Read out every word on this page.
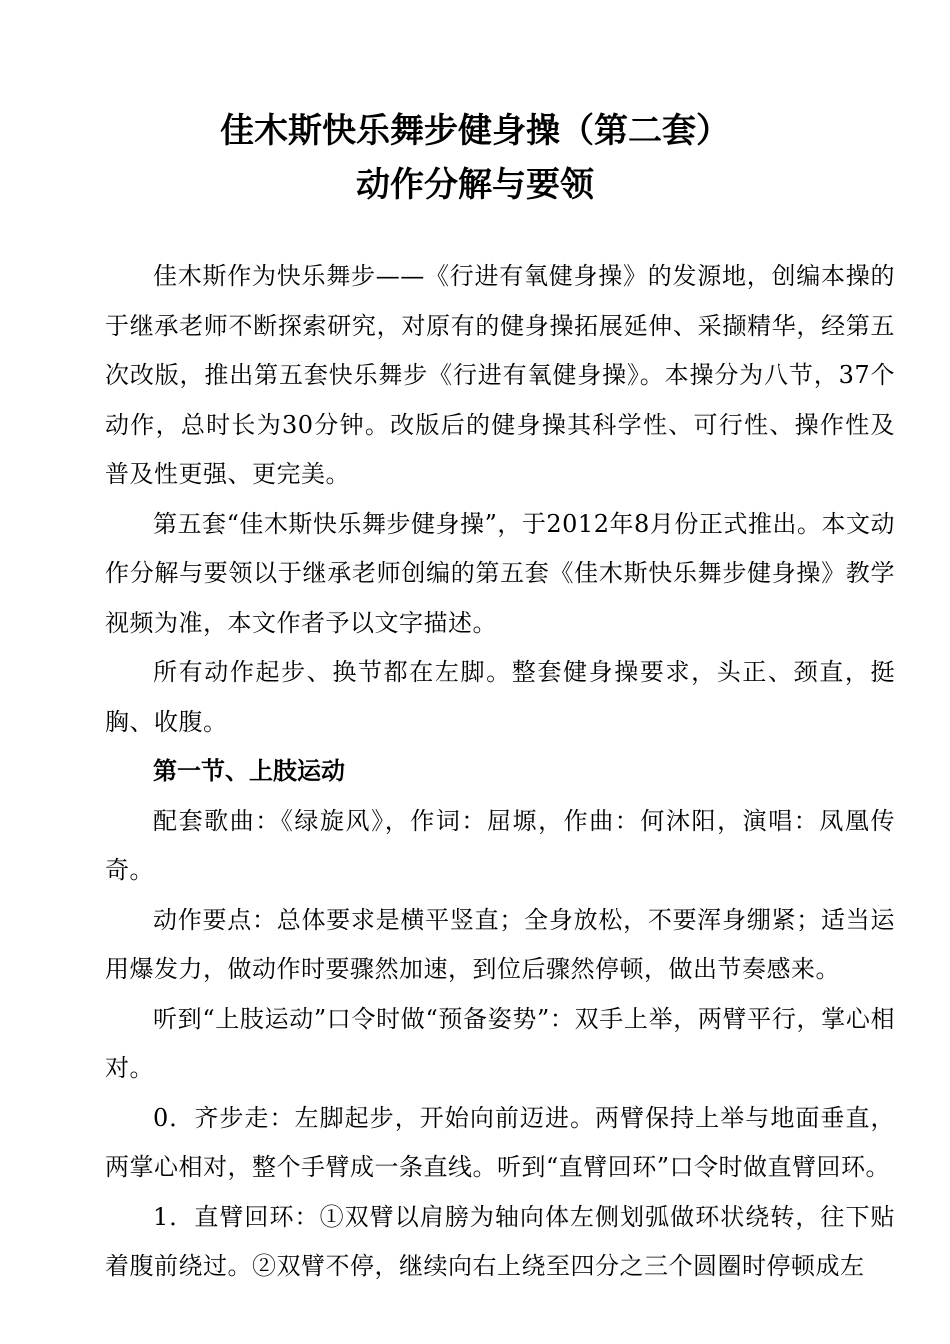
佳木斯快乐舞步健身操（第二套）
动作分解与要领

佳木斯作为快乐舞步——《行进有氧健身操》的发源地，创编本操的于继承老师不断探索研究，对原有的健身操拓展延伸、采撷精华，经第五次改版，推出第五套快乐舞步《行进有氧健身操》。本操分为八节，37个动作，总时长为30分钟。改版后的健身操其科学性、可行性、操作性及普及性更强、更完美。

第五套“佳木斯快乐舞步健身操”，于2012年8月份正式推出。本文动作分解与要领以于继承老师创编的第五套《佳木斯快乐舞步健身操》教学视频为准，本文作者予以文字描述。

所有动作起步、换节都在左脚。整套健身操要求，头正、颈直，挺胸、收腹。

第一节、上肢运动

配套歌曲：《绿旋风》，作词：屈塬，作曲：何沐阳，演唱：凤凰传奇。

动作要点：总体要求是横平竖直；全身放松，不要浑身绷紧；适当运用爆发力，做动作时要骤然加速，到位后骤然停顿，做出节奏感来。

听到“上肢运动”口令时做“预备姿势”：双手上举，两臂平行，掌心相对。

0．齐步走：左脚起步，开始向前迈进。两臂保持上举与地面垂直，两掌心相对，整个手臂成一条直线。听到“直臂回环”口令时做直臂回环。

1．直臂回环：①双臂以肩膀为轴向体左侧划弧做环状绕转，往下贴着腹前绕过。②双臂不停，继续向右上绕至四分之三个圆圈时停顿成左
